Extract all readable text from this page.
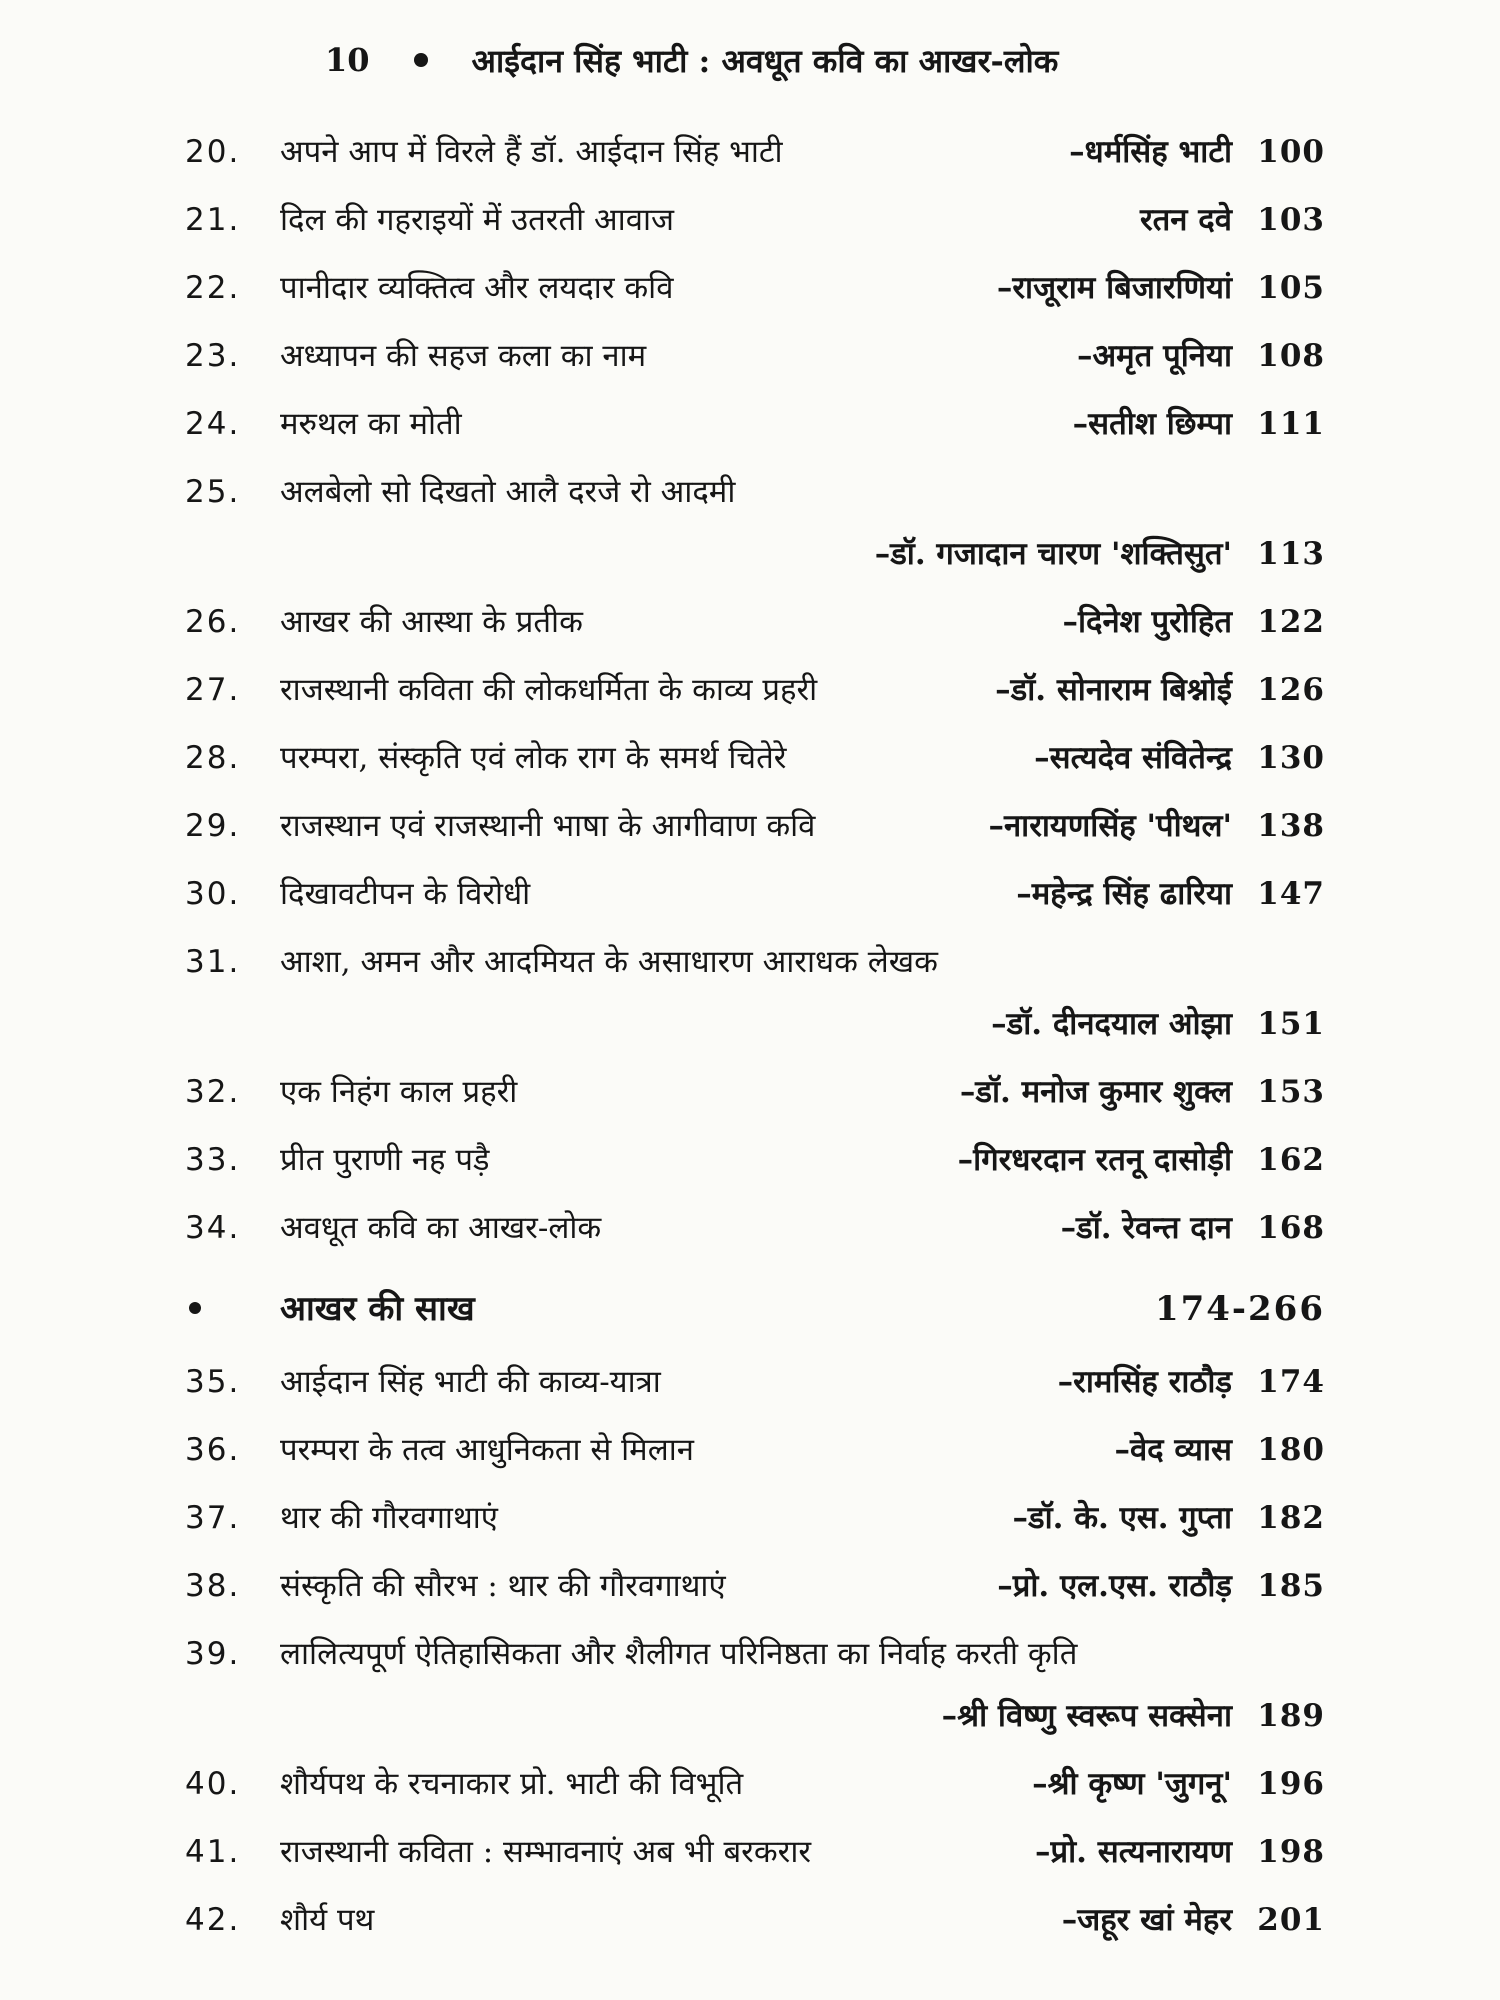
10	आईदान सिंह भाटी : अवधूत कवि का आखर-लोक
20.	अपने आप में विरले हैं डॉ. आईदान सिंह भाटी	–धर्मसिंह भाटी 100
21.	दिल की गहराइयों में उतरती आवाज	रतन दवे 103
22.	पानीदार व्यक्तित्व और लयदार कवि	–राजूराम बिजारणियां 105
23.	अध्यापन की सहज कला का नाम	–अमृत पूनिया 108
24.	मरुथल का मोती	–सतीश छिम्पा 111
25.	अलबेलो सो दिखतो आलै दरजे रो आदमी
–डॉ. गजादान चारण 'शक्तिसुत' 113
26.	आखर की आस्था के प्रतीक	–दिनेश पुरोहित 122
27.	राजस्थानी कविता की लोकधर्मिता के काव्य प्रहरी	–डॉ. सोनाराम बिश्नोई 126
28.	परम्परा, संस्कृति एवं लोक राग के समर्थ चितेरे	–सत्यदेव संवितेन्द्र 130
29.	राजस्थान एवं राजस्थानी भाषा के आगीवाण कवि	–नारायणसिंह 'पीथल' 138
30.	दिखावटीपन के विरोधी	–महेन्द्र सिंह ढारिया 147
31.	आशा, अमन और आदमियत के असाधारण आराधक लेखक
–डॉ. दीनदयाल ओझा 151
32.	एक निहंग काल प्रहरी	–डॉ. मनोज कुमार शुक्ल 153
33.	प्रीत पुराणी नह पड़ै	–गिरधरदान रतनू दासोड़ी 162
34.	अवधूत कवि का आखर-लोक	–डॉ. रेवन्त दान 168
आखर की साख	174-266
35.	आईदान सिंह भाटी की काव्य-यात्रा	–रामसिंह राठौड़ 174
36.	परम्परा के तत्व आधुनिकता से मिलान	–वेद व्यास 180
37.	थार की गौरवगाथाएं	–डॉ. के. एस. गुप्ता 182
38.	संस्कृति की सौरभ : थार की गौरवगाथाएं	–प्रो. एल.एस. राठौड़ 185
39.	लालित्यपूर्ण ऐतिहासिकता और शैलीगत परिनिष्ठता का निर्वाह करती कृति
–श्री विष्णु स्वरूप सक्सेना 189
40.	शौर्यपथ के रचनाकार प्रो. भाटी की विभूति	–श्री कृष्ण 'जुगनू' 196
41.	राजस्थानी कविता : सम्भावनाएं अब भी बरकरार	–प्रो. सत्यनारायण 198
42.	शौर्य पथ	–जहूर खां मेहर 201
